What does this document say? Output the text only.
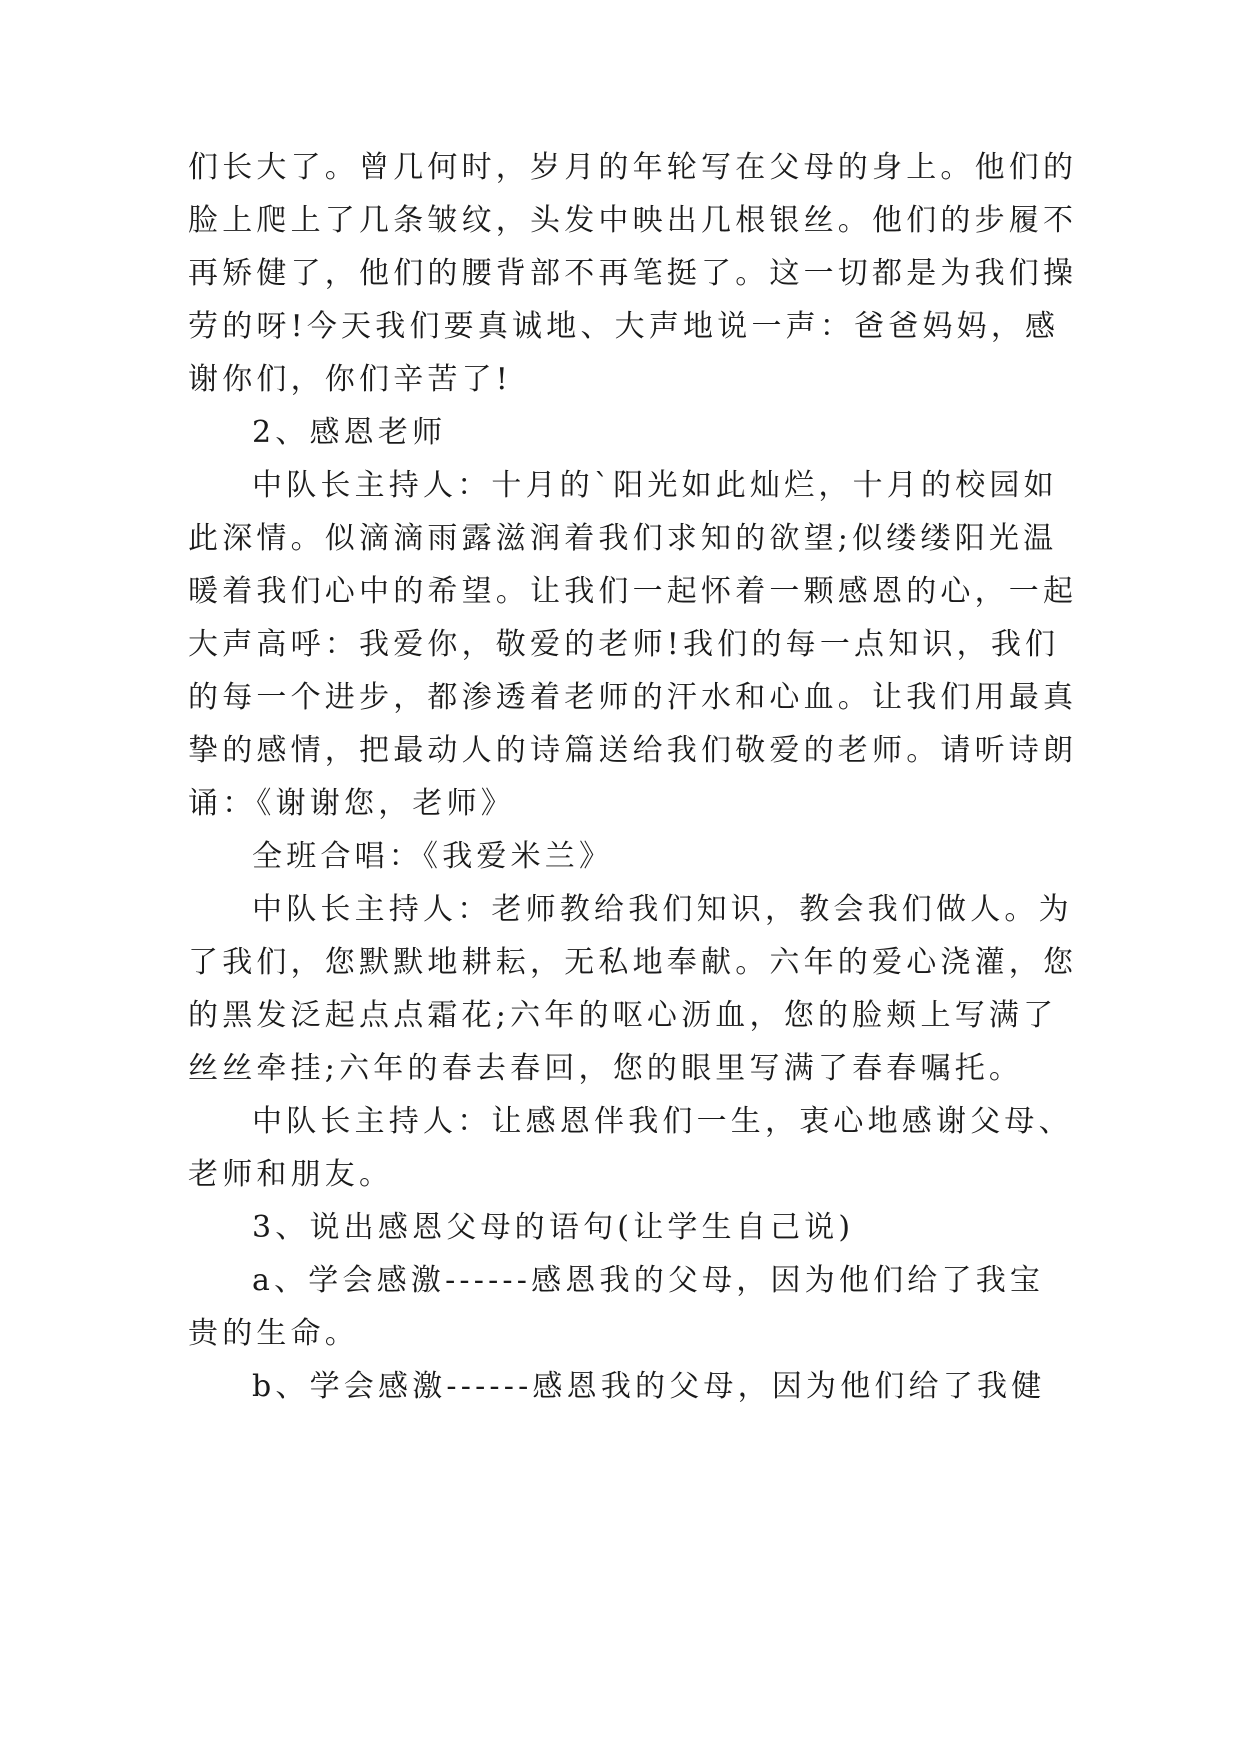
们长大了。曾几何时，岁月的年轮写在父母的身上。他们的
脸上爬上了几条皱纹，头发中映出几根银丝。他们的步履不
再矫健了，他们的腰背部不再笔挺了。这一切都是为我们操
劳的呀!今天我们要真诚地、大声地说一声：爸爸妈妈，感
谢你们，你们辛苦了!
2、感恩老师
中队长主持人：十月的`阳光如此灿烂，十月的校园如
此深情。似滴滴雨露滋润着我们求知的欲望;似缕缕阳光温
暖着我们心中的希望。让我们一起怀着一颗感恩的心，一起
大声高呼：我爱你，敬爱的老师!我们的每一点知识，我们
的每一个进步，都渗透着老师的汗水和心血。让我们用最真
挚的感情，把最动人的诗篇送给我们敬爱的老师。请听诗朗
诵：《谢谢您，老师》
全班合唱：《我爱米兰》
中队长主持人：老师教给我们知识，教会我们做人。为
了我们，您默默地耕耘，无私地奉献。六年的爱心浇灌，您
的黑发泛起点点霜花;六年的呕心沥血，您的脸颊上写满了
丝丝牵挂;六年的春去春回，您的眼里写满了春春嘱托。
中队长主持人：让感恩伴我们一生，衷心地感谢父母、
老师和朋友。
3、说出感恩父母的语句(让学生自己说)
a、学会感激------感恩我的父母，因为他们给了我宝
贵的生命。
b、学会感激------感恩我的父母，因为他们给了我健
